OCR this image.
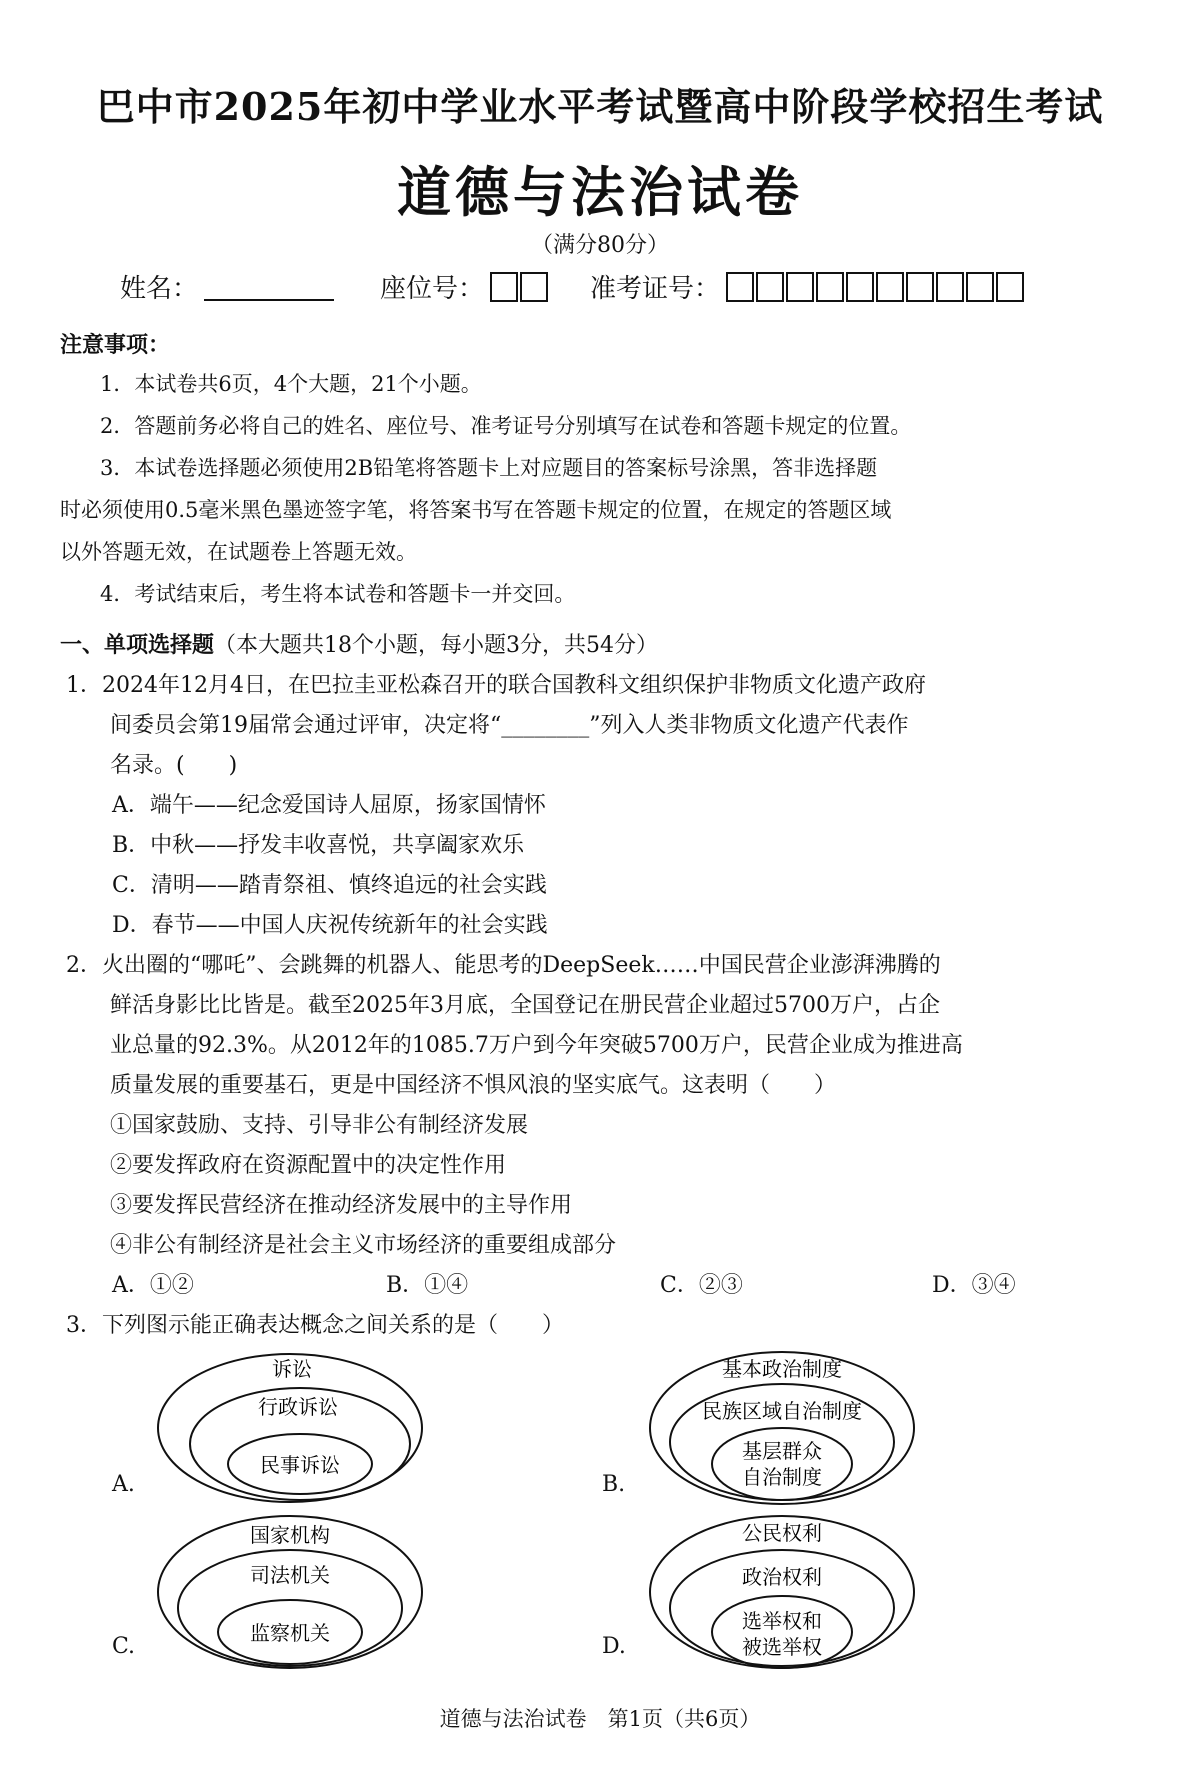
巴中市2025年初中学业水平考试暨高中阶段学校招生考试
道德与法治试卷
（满分80分）
姓名：	座位号：	准考证号：
注意事项：
1．本试卷共6页，4个大题，21个小题。
2．答题前务必将自己的姓名、座位号、准考证号分别填写在试卷和答题卡规定的位置。
3．本试卷选择题必须使用2B铅笔将答题卡上对应题目的答案标号涂黑，答非选择题
时必须使用0.5毫米黑色墨迹签字笔，将答案书写在答题卡规定的位置，在规定的答题区域
以外答题无效，在试题卷上答题无效。
4．考试结束后，考生将本试卷和答题卡一并交回。
一、单项选择题（本大题共18个小题，每小题3分，共54分）
1．2024年12月4日，在巴拉圭亚松森召开的联合国教科文组织保护非物质文化遗产政府
间委员会第19届常会通过评审，决定将“________”列入人类非物质文化遗产代表作
名录。(　　)
A．端午——纪念爱国诗人屈原，扬家国情怀
B．中秋——抒发丰收喜悦，共享阖家欢乐
C．清明——踏青祭祖、慎终追远的社会实践
D．春节——中国人庆祝传统新年的社会实践
2．火出圈的“哪吒”、会跳舞的机器人、能思考的DeepSeek……中国民营企业澎湃沸腾的
鲜活身影比比皆是。截至2025年3月底，全国登记在册民营企业超过5700万户，占企
业总量的92.3%。从2012年的1085.7万户到今年突破5700万户，民营企业成为推进高
质量发展的重要基石，更是中国经济不惧风浪的坚实底气。这表明（　　）
①国家鼓励、支持、引导非公有制经济发展
②要发挥政府在资源配置中的决定性作用
③要发挥民营经济在推动经济发展中的主导作用
④非公有制经济是社会主义市场经济的重要组成部分
A．①②	B．①④	C．②③	D．③④
3．下列图示能正确表达概念之间关系的是（　　）
A.
诉讼
行政诉讼
民事诉讼
B.
基本政治制度
民族区域自治制度
基层群众
自治制度
C.
国家机构
司法机关
监察机关
D.
公民权利
政治权利
选举权和
被选举权
道德与法治试卷　第1页（共6页）
